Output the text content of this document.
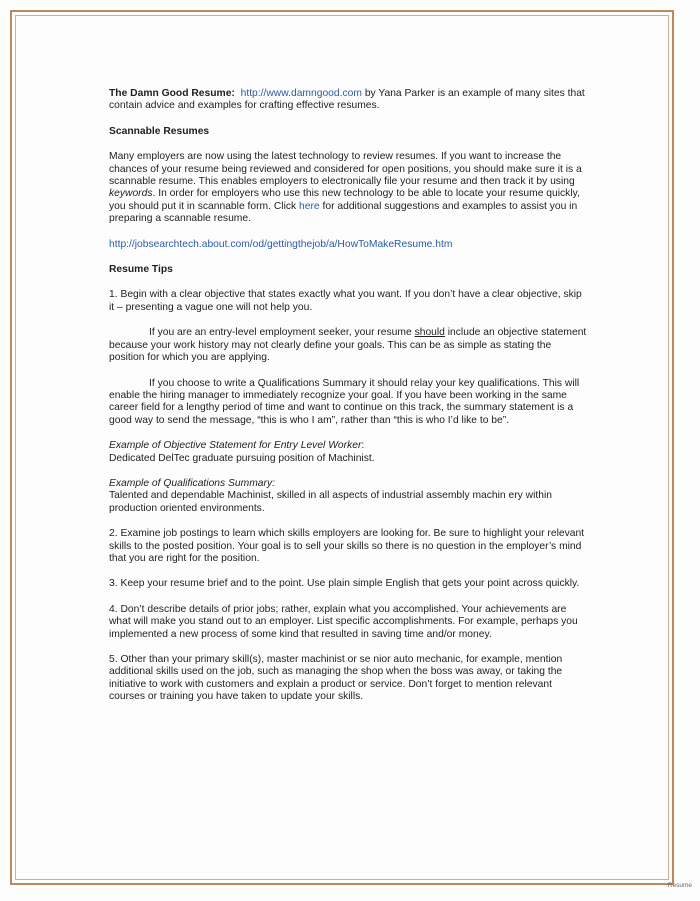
The Damn Good Resume: http://www.damngood.com by Yana Parker is an example of many sites that contain advice and examples for crafting effective resumes.

Scannable Resumes

Many employers are now using the latest technology to review resumes. If you want to increase the chances of your resume being reviewed and considered for open positions, you should make sure it is a scannable resume. This enables employers to electronically file your resume and then track it by using keywords. In order for employers who use this new technology to be able to locate your resume quickly, you should put it in scannable form. Click here for additional suggestions and examples to assist you in preparing a scannable resume.

http://jobsearchtech.about.com/od/gettingthejob/a/HowToMakeResume.htm

Resume Tips

1. Begin with a clear objective that states exactly what you want. If you don’t have a clear objective, skip it – presenting a vague one will not help you.

If you are an entry-level employment seeker, your resume should include an objective statement because your work history may not clearly define your goals. This can be as simple as stating the position for which you are applying.

If you choose to write a Qualifications Summary it should relay your key qualifications. This will enable the hiring manager to immediately recognize your goal. If you have been working in the same career field for a lengthy period of time and want to continue on this track, the summary statement is a good way to send the message, “this is who I am”, rather than “this is who I’d like to be”.

Example of Objective Statement for Entry Level Worker:

Dedicated DelTec graduate pursuing position of Machinist.

Example of Qualifications Summary:

Talented and dependable Machinist, skilled in all aspects of industrial assembly machin ery within production oriented environments.

2. Examine job postings to learn which skills employers are looking for. Be sure to highlight your relevant skills to the posted position. Your goal is to sell your skills so there is no question in the employer’s mind that you are right for the position.

3. Keep your resume brief and to the point. Use plain simple English that gets your point across quickly.

4. Don’t describe details of prior jobs; rather, explain what you accomplished. Your achievements are what will make you stand out to an employer. List specific accomplishments. For example, perhaps you implemented a new process of some kind that resulted in saving time and/or money.

5. Other than your primary skill(s), master machinist or se nior auto mechanic, for example, mention additional skills used on the job, such as managing the shop when the boss was away, or taking the initiative to work with customers and explain a product or service. Don’t forget to mention relevant courses or training you have taken to update your skills.

Resume
